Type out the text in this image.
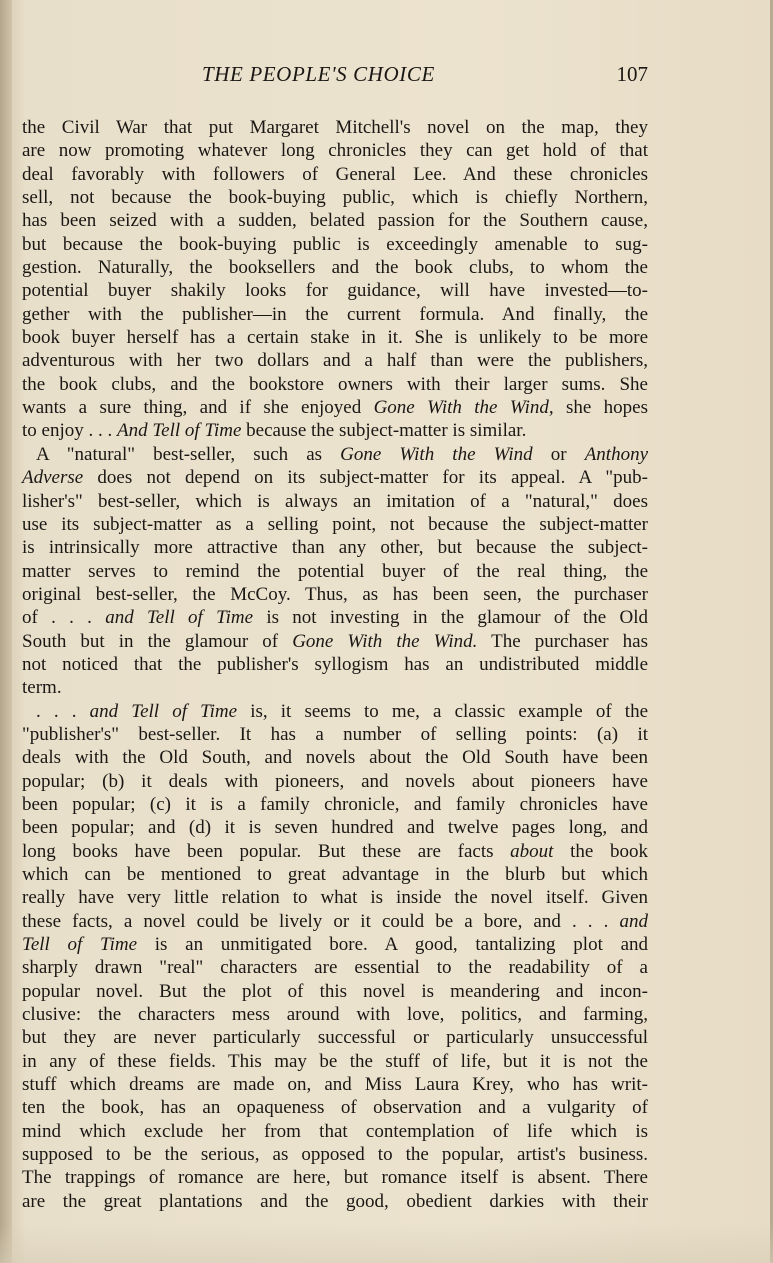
THE PEOPLE'S CHOICE	107
the Civil War that put Margaret Mitchell's novel on the map, they
are now promoting whatever long chronicles they can get hold of that
deal favorably with followers of General Lee. And these chronicles
sell, not because the book-buying public, which is chiefly Northern,
has been seized with a sudden, belated passion for the Southern cause,
but because the book-buying public is exceedingly amenable to sug-
gestion. Naturally, the booksellers and the book clubs, to whom the
potential buyer shakily looks for guidance, will have invested—to-
gether with the publisher—in the current formula. And finally, the
book buyer herself has a certain stake in it. She is unlikely to be more
adventurous with her two dollars and a half than were the publishers,
the book clubs, and the bookstore owners with their larger sums. She
wants a sure thing, and if she enjoyed Gone With the Wind, she hopes
to enjoy . . . And Tell of Time because the subject-matter is similar.
A "natural" best-seller, such as Gone With the Wind or Anthony
Adverse does not depend on its subject-matter for its appeal. A "pub-
lisher's" best-seller, which is always an imitation of a "natural," does
use its subject-matter as a selling point, not because the subject-matter
is intrinsically more attractive than any other, but because the subject-
matter serves to remind the potential buyer of the real thing, the
original best-seller, the McCoy. Thus, as has been seen, the purchaser
of . . . and Tell of Time is not investing in the glamour of the Old
South but in the glamour of Gone With the Wind. The purchaser has
not noticed that the publisher's syllogism has an undistributed middle
term.
. . . and Tell of Time is, it seems to me, a classic example of the
"publisher's" best-seller. It has a number of selling points: (a) it
deals with the Old South, and novels about the Old South have been
popular; (b) it deals with pioneers, and novels about pioneers have
been popular; (c) it is a family chronicle, and family chronicles have
been popular; and (d) it is seven hundred and twelve pages long, and
long books have been popular. But these are facts about the book
which can be mentioned to great advantage in the blurb but which
really have very little relation to what is inside the novel itself. Given
these facts, a novel could be lively or it could be a bore, and . . . and
Tell of Time is an unmitigated bore. A good, tantalizing plot and
sharply drawn "real" characters are essential to the readability of a
popular novel. But the plot of this novel is meandering and incon-
clusive: the characters mess around with love, politics, and farming,
but they are never particularly successful or particularly unsuccessful
in any of these fields. This may be the stuff of life, but it is not the
stuff which dreams are made on, and Miss Laura Krey, who has writ-
ten the book, has an opaqueness of observation and a vulgarity of
mind which exclude her from that contemplation of life which is
supposed to be the serious, as opposed to the popular, artist's business.
The trappings of romance are here, but romance itself is absent. There
are the great plantations and the good, obedient darkies with their
